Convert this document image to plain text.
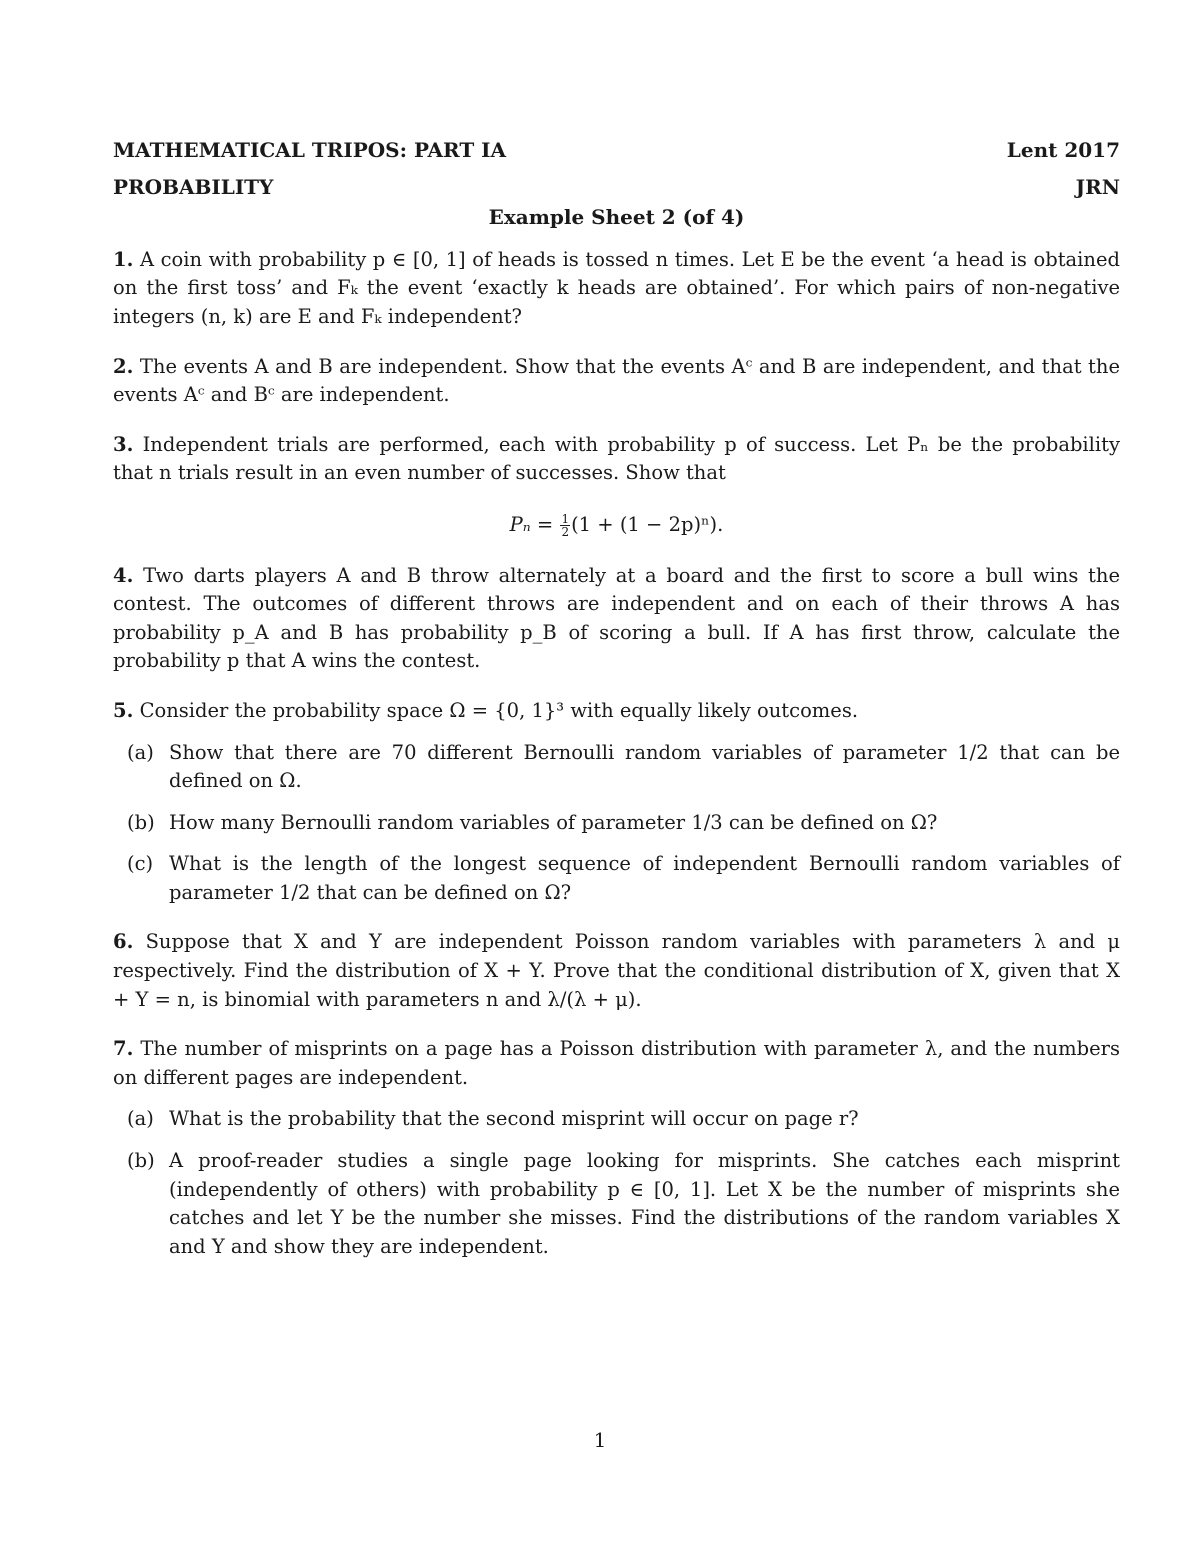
MATHEMATICAL TRIPOS: PART IA	Lent 2017
PROBABILITY	JRN
Example Sheet 2 (of 4)
1. A coin with probability p ∈ [0, 1] of heads is tossed n times. Let E be the event ‘a head is obtained on the first toss’ and Fₖ the event ‘exactly k heads are obtained’. For which pairs of non-negative integers (n, k) are E and Fₖ independent?
2. The events A and B are independent. Show that the events Aᶜ and B are independent, and that the events Aᶜ and Bᶜ are independent.
3. Independent trials are performed, each with probability p of success. Let Pₙ be the probability that n trials result in an even number of successes. Show that
$P_n = \frac{1}{2} (1 + (1 - 2p)^n)$.
4. Two darts players A and B throw alternately at a board and the first to score a bull wins the contest. The outcomes of different throws are independent and on each of their throws A has probability p_A and B has probability p_B of scoring a bull. If A has first throw, calculate the probability p that A wins the contest.
5. Consider the probability space Ω = {0, 1}³ with equally likely outcomes.
(a) Show that there are 70 different Bernoulli random variables of parameter 1/2 that can be defined on Ω.
(b) How many Bernoulli random variables of parameter 1/3 can be defined on Ω?
(c) What is the length of the longest sequence of independent Bernoulli random variables of parameter 1/2 that can be defined on Ω?
6. Suppose that X and Y are independent Poisson random variables with parameters λ and μ respectively. Find the distribution of X + Y. Prove that the conditional distribution of X, given that X + Y = n, is binomial with parameters n and λ/(λ + μ).
7. The number of misprints on a page has a Poisson distribution with parameter λ, and the numbers on different pages are independent.
(a) What is the probability that the second misprint will occur on page r?
(b) A proof-reader studies a single page looking for misprints. She catches each misprint (independently of others) with probability p ∈ [0, 1]. Let X be the number of misprints she catches and let Y be the number she misses. Find the distributions of the random variables X and Y and show they are independent.
1
